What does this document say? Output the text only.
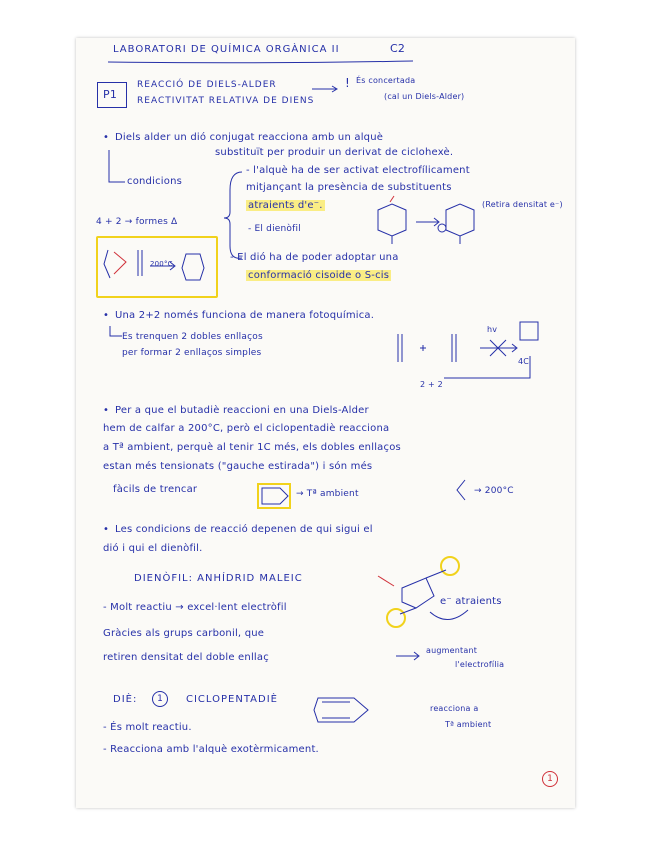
LABORATORI DE QUÍMICA ORGÀNICA II	C2
P1
REACCIÓ DE DIELS-ALDER	! És concertada
(cal un Diels-Alder)
REACTIVITAT RELATIVA DE DIENS
• Diels alder un dió conjugat reacciona amb un alquè
substituït per produir un derivat de ciclohexè.
condicions
- l'alquè ha de ser activat electrofílicament
mitjançant la presència de substituents
atraients d'e⁻.
- El dienòfil
(Retira densitat e⁻)
- El dió ha de poder adoptar una
conformació cisoide o S-cis
4 + 2 → formes Δ
200°C
• Una 2+2 només funciona de manera fotoquímica.
Es trenquen 2 dobles enllaços
per formar 2 enllaços simples
hv
4C
2 + 2
• Per a que el butadiè reaccioni en una Diels-Alder
hem de calfar a 200°C, però el ciclopentadiè reacciona
a Tª ambient, perquè al tenir 1C més, els dobles enllaços
estan més tensionats ("gauche estirada") i són més
fàcils de trencar	→ Tª ambient	→ 200°C
• Les condicions de reacció depenen de qui sigui el
dió i qui el dienòfil.
DIENÒFIL: ANHÍDRID MALEIC
e⁻ atraients
- Molt reactiu → excel·lent electròfil
Gràcies als grups carbonil, que
retiren densitat del doble enllaç
augmentant
l'electrofília
DIÈ:	1	CICLOPENTADIÈ
reacciona a
Tª ambient
- És molt reactiu.
- Reacciona amb l'alquè exotèrmicament.
1
